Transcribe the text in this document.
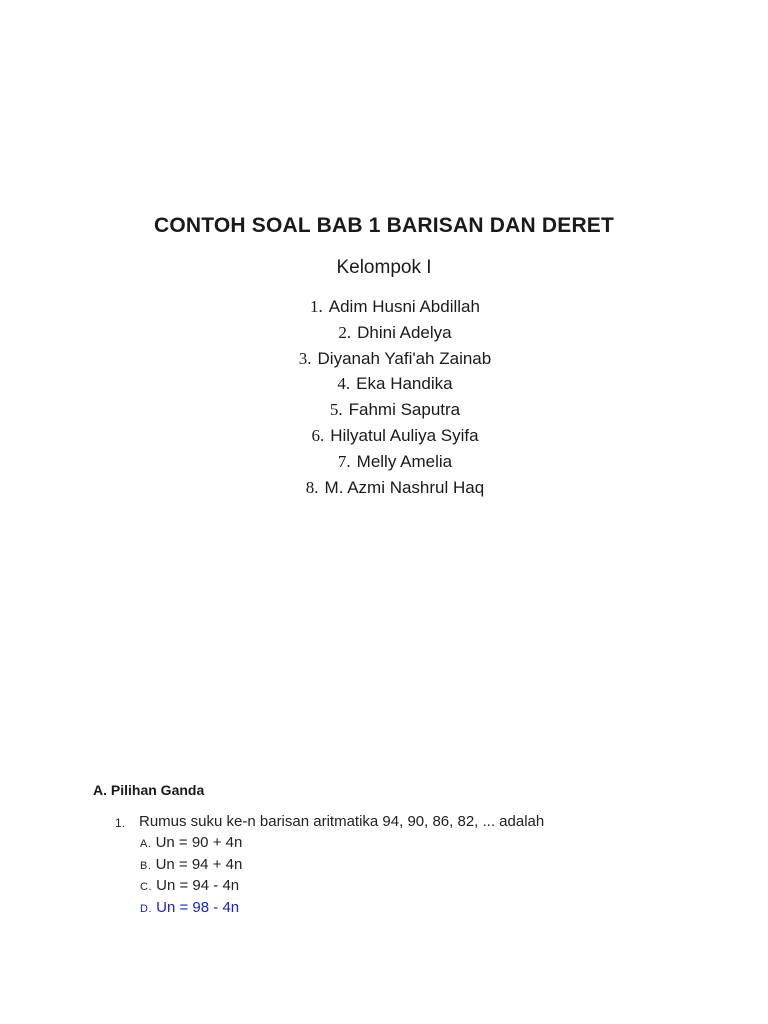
CONTOH SOAL BAB 1 BARISAN DAN DERET
Kelompok I
1. Adim Husni Abdillah
2. Dhini Adelya
3. Diyanah Yafi'ah Zainab
4. Eka Handika
5. Fahmi Saputra
6. Hilyatul Auliya Syifa
7. Melly Amelia
8. M. Azmi Nashrul Haq
A. Pilihan Ganda
1. Rumus suku ke-n barisan aritmatika 94, 90, 86, 82, ... adalah
A. Un = 90 + 4n
B. Un = 94 + 4n
C. Un = 94 - 4n
D. Un = 98 - 4n
